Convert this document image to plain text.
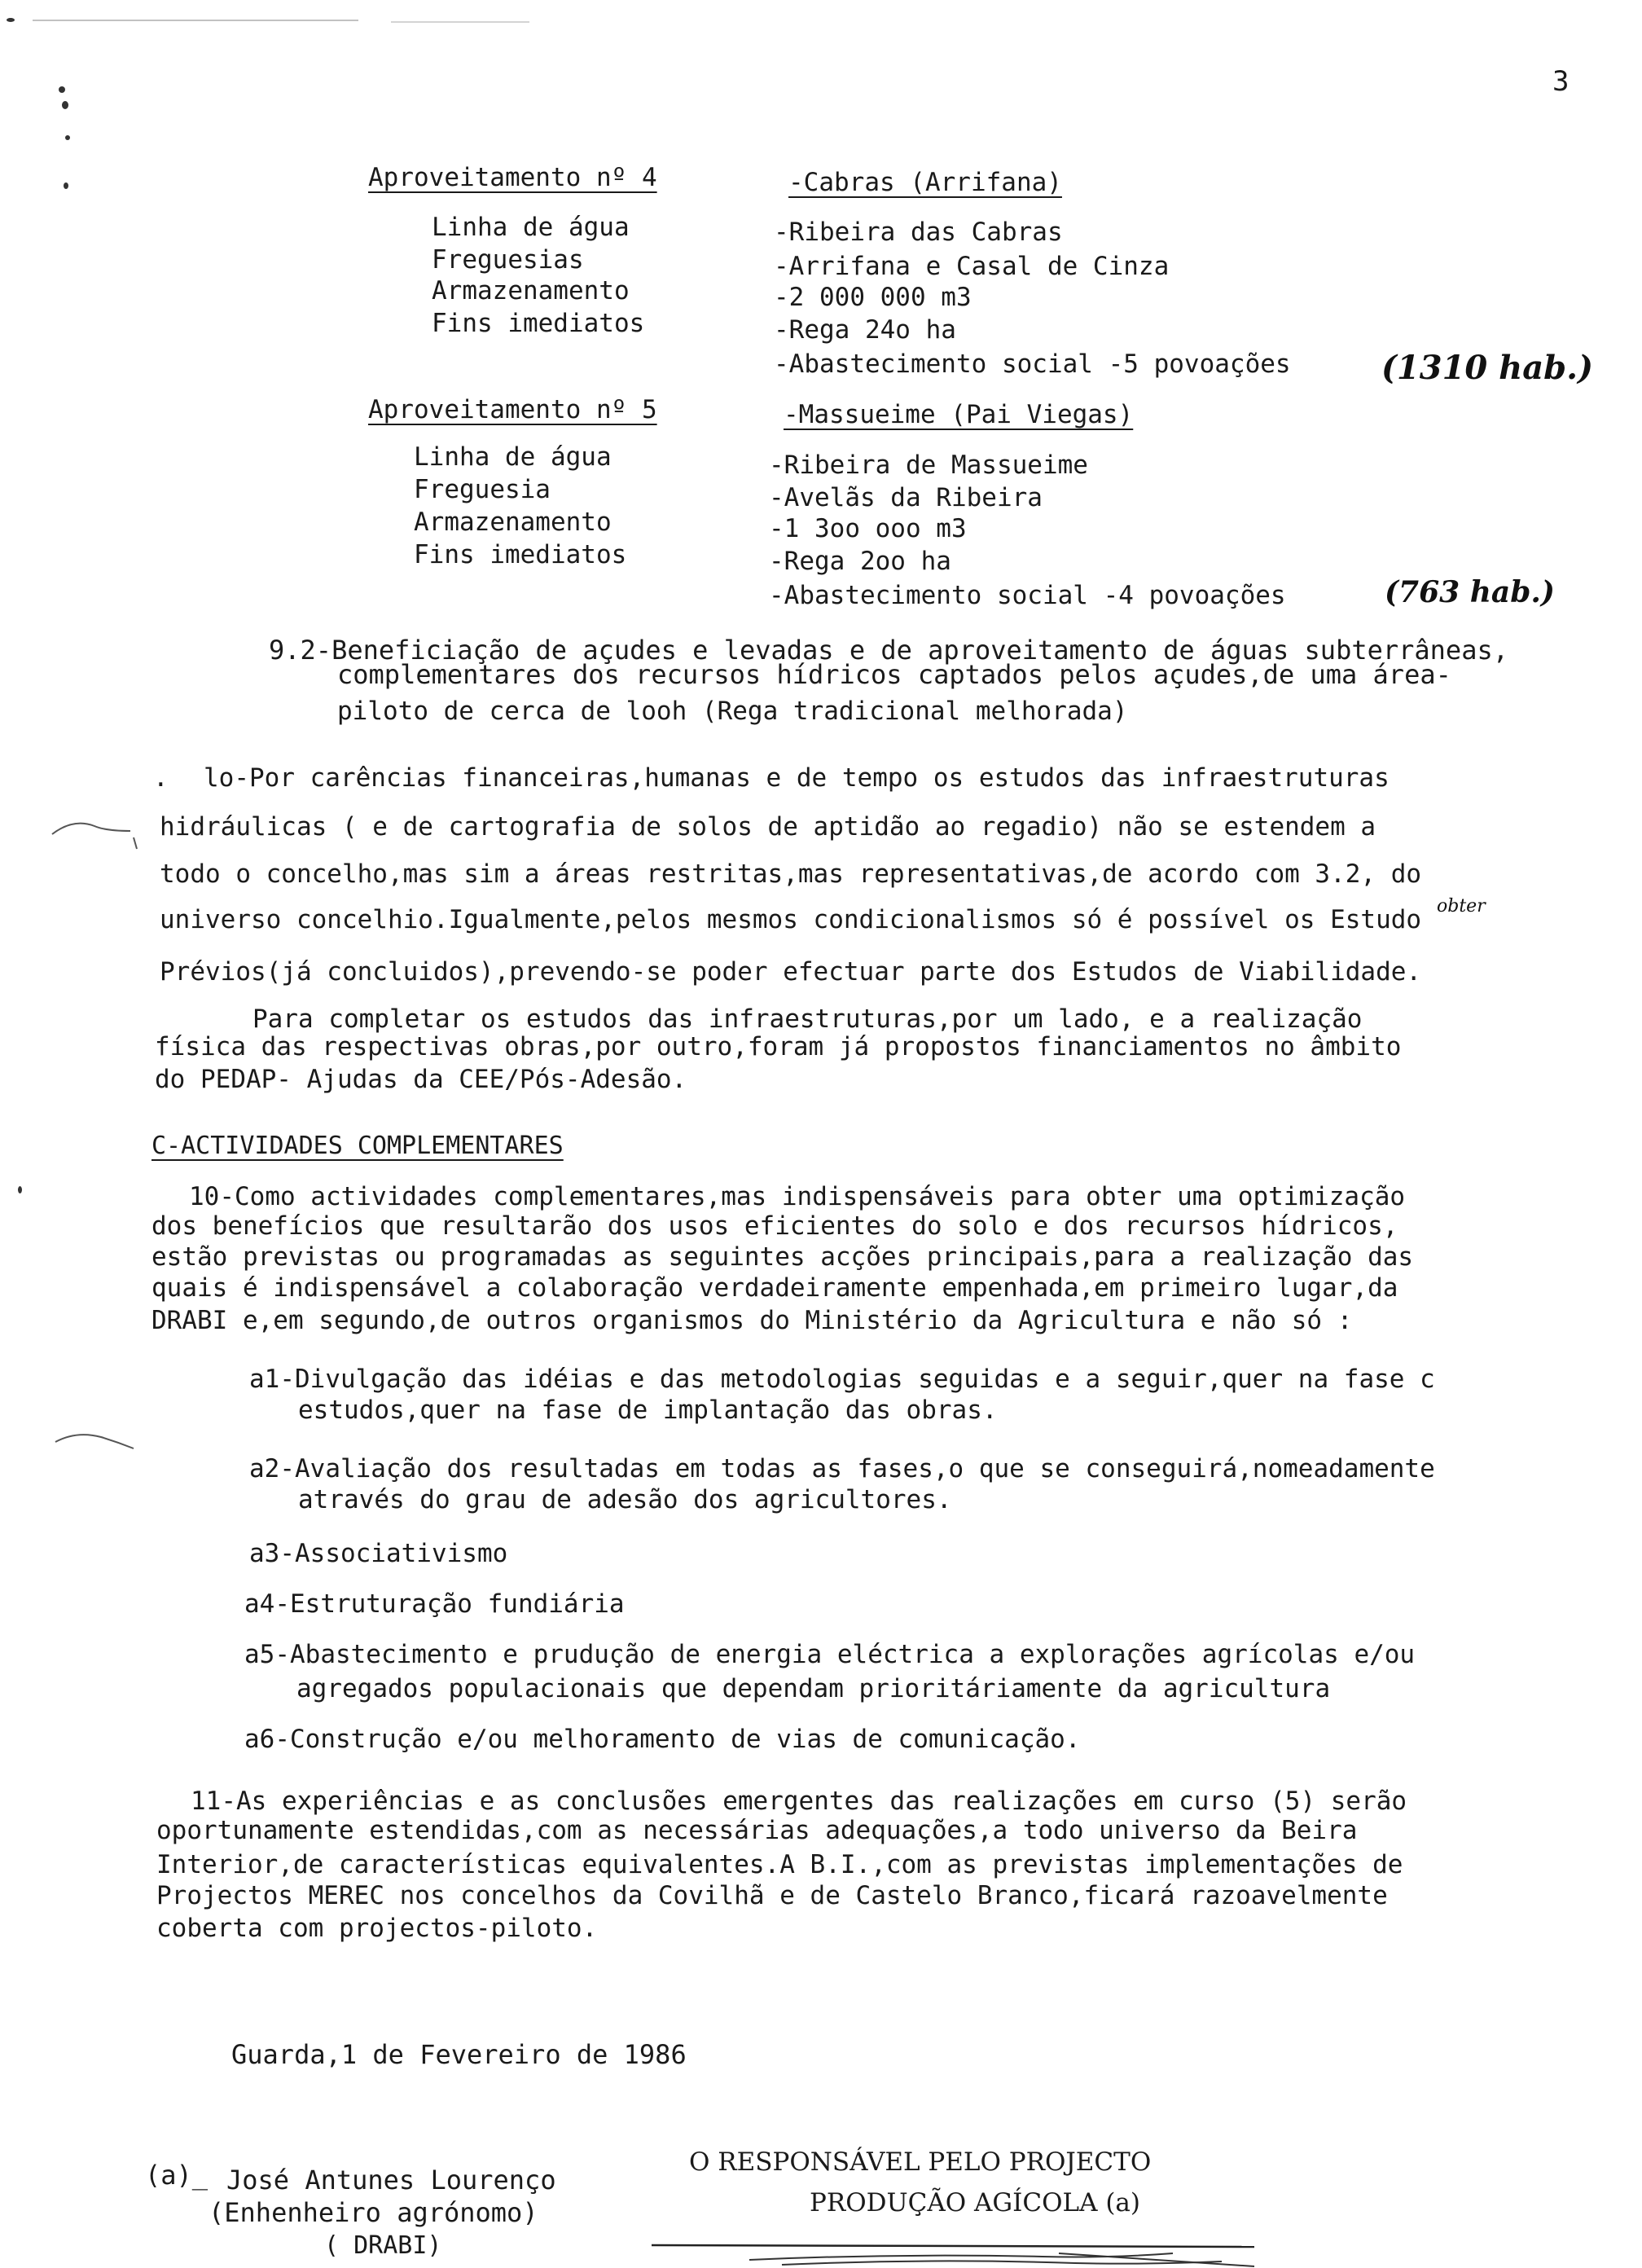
3
Aproveitamento nº 4	-Cabras (Arrifana)
Linha de água	-Ribeira das Cabras
Freguesias	-Arrifana e Casal de Cinza
Armazenamento	-2 000 000 m3
Fins imediatos	-Rega 24o ha
-Abastecimento social -5 povoações	(1310 hab.)
Aproveitamento nº 5	-Massueime (Pai Viegas)
Linha de água	-Ribeira de Massueime
Freguesia	-Avelãs da Ribeira
Armazenamento	-1 3oo ooo m3
Fins imediatos	-Rega 2oo ha
-Abastecimento social -4 povoações	(763 hab.)
9.2-Beneficiação de açudes e levadas e de aproveitamento de águas subterrâneas,
complementares dos recursos hídricos captados pelos açudes,de uma área-
piloto de cerca de looh (Rega tradicional melhorada)
. lo-Por carências financeiras,humanas e de tempo os estudos das infraestruturas
hidráulicas ( e de cartografia de solos de aptidão ao regadio) não se estendem a
todo o concelho,mas sim a áreas restritas,mas representativas,de acordo com 3.2, do
universo concelhio.Igualmente,pelos mesmos condicionalismos só é possível os Estudo obter
Prévios(já concluidos),prevendo-se poder efectuar parte dos Estudos de Viabilidade.
Para completar os estudos das infraestruturas,por um lado, e a realização
física das respectivas obras,por outro,foram já propostos financiamentos no âmbito
do PEDAP- Ajudas da CEE/Pós-Adesão.
C-ACTIVIDADES COMPLEMENTARES
10-Como actividades complementares,mas indispensáveis para obter uma optimização
dos benefícios que resultarão dos usos eficientes do solo e dos recursos hídricos,
estão previstas ou programadas as seguintes acções principais,para a realização das
quais é indispensável a colaboração verdadeiramente empenhada,em primeiro lugar,da
DRABI e,em segundo,de outros organismos do Ministério da Agricultura e não só :
a1-Divulgação das idéias e das metodologias seguidas e a seguir,quer na fase c
estudos,quer na fase de implantação das obras.
a2-Avaliação dos resultadas em todas as fases,o que se conseguirá,nomeadamente
através do grau de adesão dos agricultores.
a3-Associativismo
a4-Estruturação fundiária
a5-Abastecimento e prudução de energia eléctrica a explorações agrícolas e/ou
agregados populacionais que dependam prioritáriamente da agricultura
a6-Construção e/ou melhoramento de vias de comunicação.
11-As experiências e as conclusões emergentes das realizações em curso (5) serão
oportunamente estendidas,com as necessárias adequações,a todo universo da Beira
Interior,de características equivalentes.A B.I.,com as previstas implementações de
Projectos MEREC nos concelhos da Covilhã e de Castelo Branco,ficará razoavelmente
coberta com projectos-piloto.
Guarda,1 de Fevereiro de 1986
(a)_ José Antunes Lourenço
(Enhenheiro agrónomo)
( DRABI)
O RESPONSÁVEL PELO PROJECTO
PRODUÇÃO AGÍCOLA (a)
